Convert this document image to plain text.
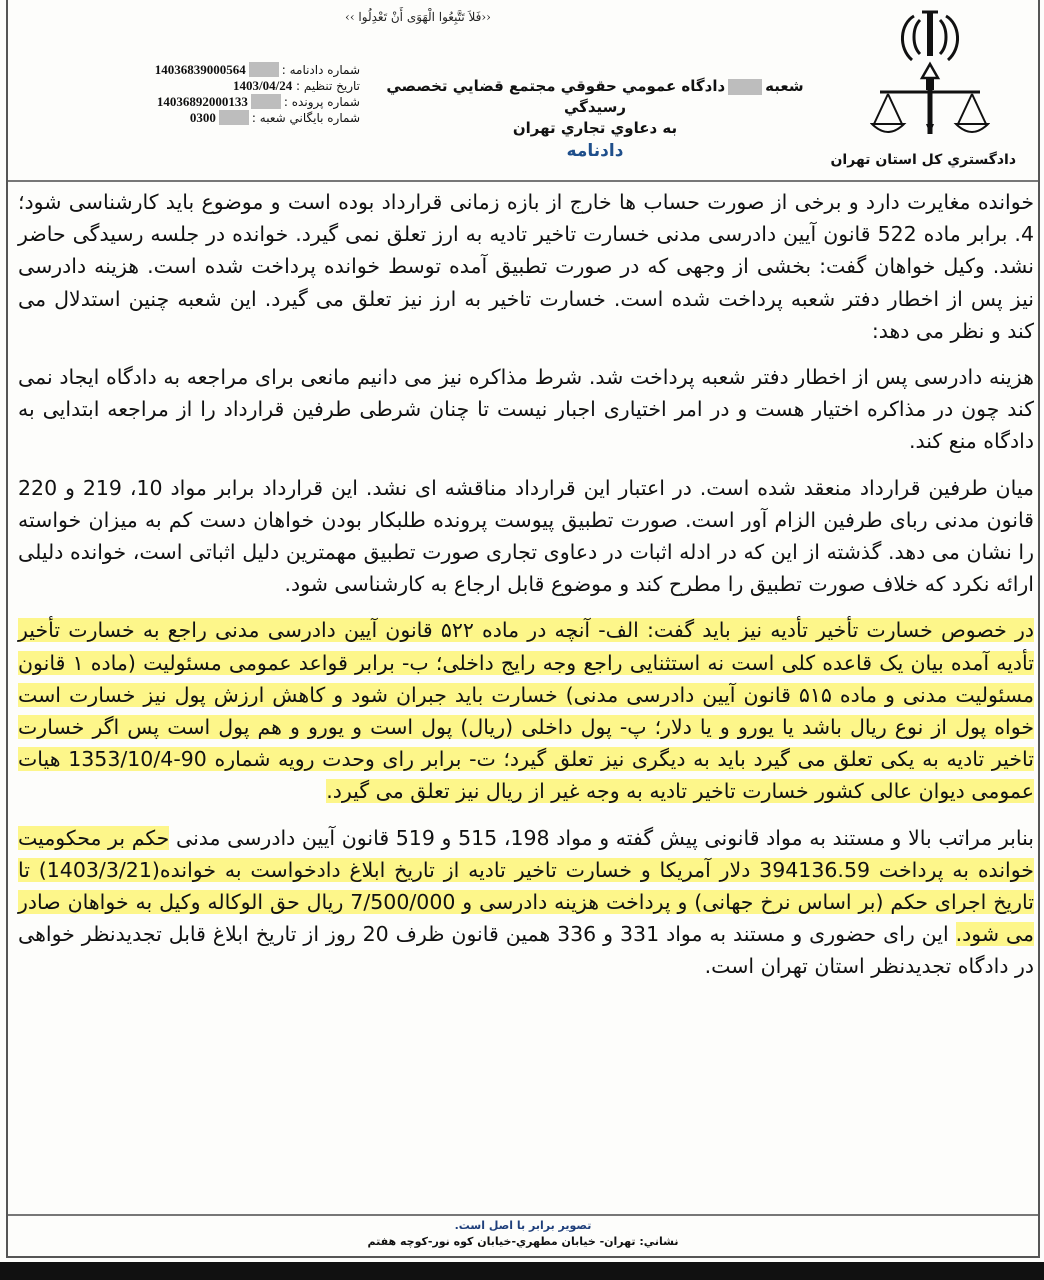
‹‹فَلاَ تَتَّبِعُوا الْهَوَى أَنْ تَعْدِلُوا ››
دادگستري كل استان تهران
شعبهدادگاه عمومي حقوقي مجتمع قضايي تخصصي رسيدگي
به دعاوي تجاري تهران
دادنامه
شماره دادنامه :
14036839000564
تاريخ تنظيم :

1403/04/24
شماره پرونده :
14036892000133
شماره بايگاني شعبه :
0300

خوانده مغایرت دارد و برخی از صورت حساب ها خارج از بازه زمانی قرارداد بوده است و موضوع باید کارشناسی شود؛ 4. برابر ماده 522 قانون آیین دادرسی مدنی خسارت تاخیر تادیه به ارز تعلق نمی گیرد. خوانده در جلسه رسیدگی حاضر نشد. وکیل خواهان گفت: بخشی از وجهی که در صورت تطبیق آمده توسط خوانده پرداخت شده است. هزینه دادرسی نیز پس از اخطار دفتر شعبه پرداخت شده است. خسارت تاخیر به ارز نیز تعلق می گیرد. این شعبه چنین استدلال می کند و نظر می دهد:

هزینه دادرسی پس از اخطار دفتر شعبه پرداخت شد. شرط مذاکره نیز می دانیم مانعی برای مراجعه به دادگاه ایجاد نمی کند چون در مذاکره اختیار هست و در امر اختیاری اجبار نیست تا چنان شرطی طرفین قرارداد را از مراجعه ابتدایی به دادگاه منع کند.

میان طرفین قرارداد منعقد شده است. در اعتبار این قرارداد مناقشه ای نشد. این قرارداد برابر مواد 10، 219 و 220 قانون مدنی ربای طرفین الزام آور است. صورت تطبیق پیوست پرونده طلبکار بودن خواهان دست کم به میزان خواسته را نشان می دهد. گذشته از این که در ادله اثبات در دعاوی تجاری صورت تطبیق مهمترین دلیل اثباتی است، خوانده دلیلی ارائه نکرد که خلاف صورت تطبیق را مطرح کند و موضوع قابل ارجاع به کارشناسی شود.

در خصوص خسارت تأخیر تأدیه نیز باید گفت: الف- آنچه در ماده ۵۲۲ قانون آیین دادرسی مدنی راجع به خسارت تأخیر تأدیه آمده بیان یک قاعده کلی است نه استثنایی راجع وجه رایج داخلی؛ ب- برابر قواعد عمومی مسئولیت (ماده ۱ قانون مسئولیت مدنی و ماده ۵۱۵ قانون آیین دادرسی مدنی) خسارت باید جبران شود و کاهش ارزش پول نیز خسارت است خواه پول از نوع ریال باشد یا یورو و یا دلار؛ پ- پول داخلی (ریال) پول است و یورو و هم پول است پس اگر خسارت تاخیر تادیه به یکی تعلق می گیرد باید به دیگری نیز تعلق گیرد؛ ت- برابر رای وحدت رویه شماره 90-1353/10/4 هیات عمومی دیوان عالی کشور خسارت تاخیر تادیه به وجه غیر از ریال نیز تعلق می گیرد.

بنابر مراتب بالا و مستند به مواد قانونی پیش گفته و مواد 198، 515 و 519 قانون آیین دادرسی مدنی حکم بر محکومیت خوانده به پرداخت 394136.59 دلار آمریکا و خسارت تاخیر تادیه از تاریخ ابلاغ دادخواست به خوانده(1403/3/21) تا تاریخ اجرای حکم (بر اساس نرخ جهانی) و پرداخت هزینه دادرسی و 7/500/000 ریال حق الوکاله وکیل به خواهان صادر می شود. این رای حضوری و مستند به مواد 331 و 336 همین قانون ظرف 20 روز از تاریخ ابلاغ قابل تجدیدنظر خواهی در دادگاه تجدیدنظر استان تهران است.

تصوير برابر با اصل است.
نشاني: تهران- خيابان مطهري-خيابان كوه نور-كوچه هفتم
